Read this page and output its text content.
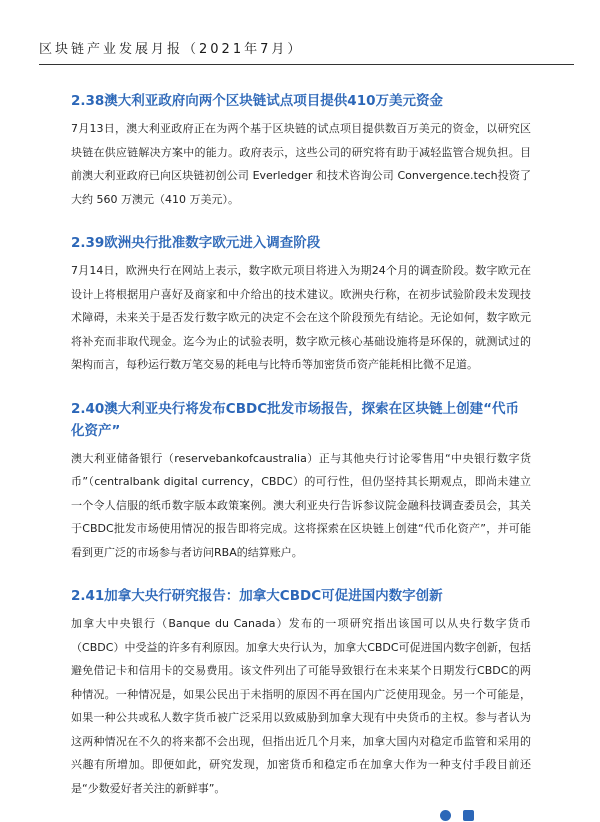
区块链产业发展月报（2021年7月）

2.38澳大利亚政府向两个区块链试点项目提供410万美元资金

7月13日，澳大利亚政府正在为两个基于区块链的试点项目提供数百万美元的资金，以研究区块链在供应链解决方案中的能力。政府表示，这些公司的研究将有助于减轻监管合规负担。目前澳大利亚政府已向区块链初创公司 Everledger 和技术咨询公司 Convergence.tech投资了大约 560 万澳元（410 万美元）。

2.39欧洲央行批准数字欧元进入调查阶段

7月14日，欧洲央行在网站上表示，数字欧元项目将进入为期24个月的调查阶段。数字欧元在设计上将根据用户喜好及商家和中介给出的技术建议。欧洲央行称，在初步试验阶段未发现技术障碍，未来关于是否发行数字欧元的决定不会在这个阶段预先有结论。无论如何，数字欧元将补充而非取代现金。迄今为止的试验表明，数字欧元核心基础设施将是环保的，就测试过的架构而言，每秒运行数万笔交易的耗电与比特币等加密货币资产能耗相比微不足道。

2.40澳大利亚央行将发布CBDC批发市场报告，探索在区块链上创建“代币化资产”

澳大利亚储备银行（reservebankofcaustralia）正与其他央行讨论零售用“中央银行数字货币”（centralbank digital currency，CBDC）的可行性，但仍坚持其长期观点，即尚未建立一个令人信服的纸币数字版本政策案例。澳大利亚央行告诉参议院金融科技调查委员会，其关于CBDC批发市场使用情况的报告即将完成。这将探索在区块链上创建“代币化资产”，并可能看到更广泛的市场参与者访问RBA的结算账户。

2.41加拿大央行研究报告：加拿大CBDC可促进国内数字创新

加拿大中央银行（Banque du Canada）发布的一项研究指出该国可以从央行数字货币（CBDC）中受益的许多有利原因。加拿大央行认为，加拿大CBDC可促进国内数字创新，包括避免借记卡和信用卡的交易费用。该文件列出了可能导致银行在未来某个日期发行CBDC的两种情况。一种情况是，如果公民出于未指明的原因不再在国内广泛使用现金。另一个可能是，如果一种公共或私人数字货币被广泛采用以致威胁到加拿大现有中央货币的主权。参与者认为这两种情况在不久的将来都不会出现，但指出近几个月来，加拿大国内对稳定币监管和采用的兴趣有所增加。即便如此，研究发现，加密货币和稳定币在加拿大作为一种支付手段目前还是“少数爱好者关注的新鲜事”。
